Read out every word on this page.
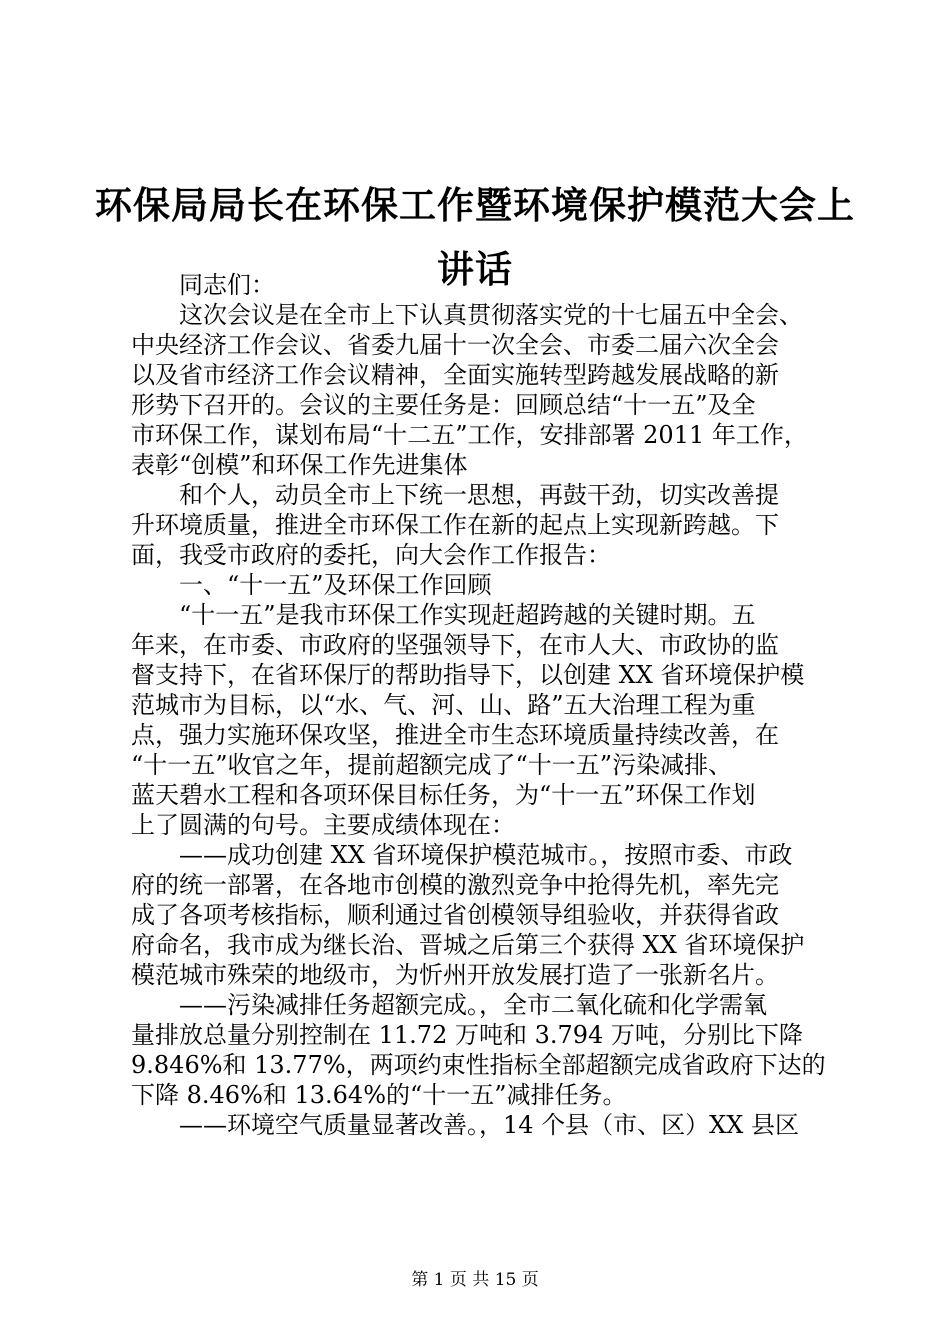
环保局局长在环保工作暨环境保护模范大会上
讲话
　　同志们：
　　这次会议是在全市上下认真贯彻落实党的十七届五中全会、
中央经济工作会议、省委九届十一次全会、市委二届六次全会
以及省市经济工作会议精神，全面实施转型跨越发展战略的新
形势下召开的。会议的主要任务是：回顾总结“十一五”及全
市环保工作，谋划布局“十二五”工作，安排部署 2011 年工作，
表彰“创模”和环保工作先进集体
　　和个人，动员全市上下统一思想，再鼓干劲，切实改善提
升环境质量，推进全市环保工作在新的起点上实现新跨越。下
面，我受市政府的委托，向大会作工作报告：
　　一、“十一五”及环保工作回顾
　　“十一五”是我市环保工作实现赶超跨越的关键时期。五
年来，在市委、市政府的坚强领导下，在市人大、市政协的监
督支持下，在省环保厅的帮助指导下，以创建 XX 省环境保护模
范城市为目标，以“水、气、河、山、路”五大治理工程为重
点，强力实施环保攻坚，推进全市生态环境质量持续改善，在
“十一五”收官之年，提前超额完成了“十一五”污染减排、
蓝天碧水工程和各项环保目标任务，为“十一五”环保工作划
上了圆满的句号。主要成绩体现在：
　　——成功创建 XX 省环境保护模范城市。，按照市委、市政
府的统一部署，在各地市创模的激烈竞争中抢得先机，率先完
成了各项考核指标，顺利通过省创模领导组验收，并获得省政
府命名，我市成为继长治、晋城之后第三个获得 XX 省环境保护
模范城市殊荣的地级市，为忻州开放发展打造了一张新名片。
　　——污染减排任务超额完成。，全市二氧化硫和化学需氧
量排放总量分别控制在 11.72 万吨和 3.794 万吨，分别比下降
9.846%和 13.77%，两项约束性指标全部超额完成省政府下达的
下降 8.46%和 13.64%的“十一五”减排任务。
　　——环境空气质量显著改善。，14 个县（市、区）XX 县区
第 1 页 共 15 页
